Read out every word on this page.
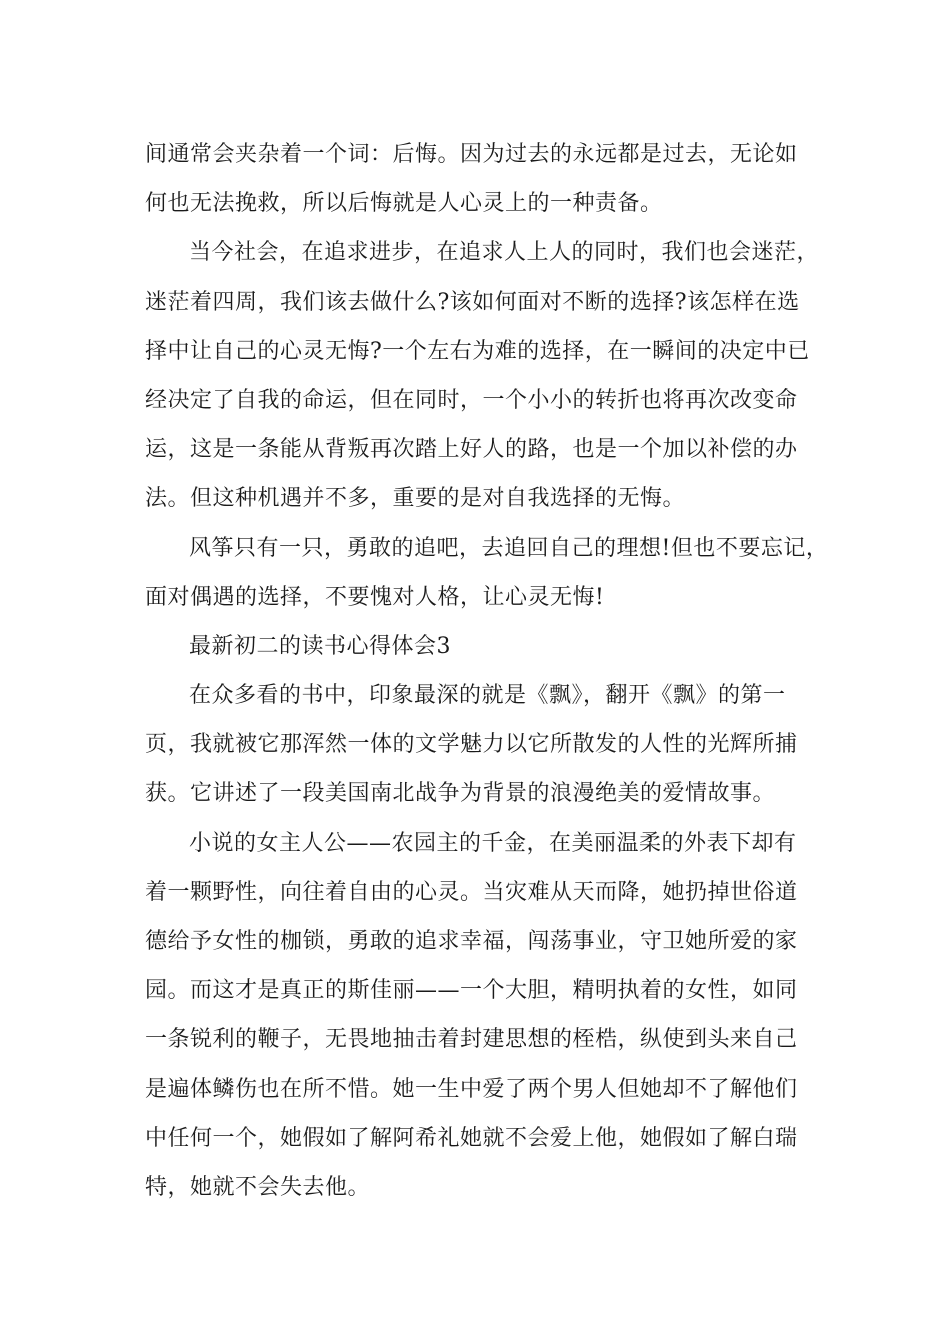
间通常会夹杂着一个词：后悔。因为过去的永远都是过去，无论如
何也无法挽救，所以后悔就是人心灵上的一种责备。
当今社会，在追求进步，在追求人上人的同时，我们也会迷茫，
迷茫着四周，我们该去做什么?该如何面对不断的选择?该怎样在选
择中让自己的心灵无悔?一个左右为难的选择，在一瞬间的决定中已
经决定了自我的命运，但在同时，一个小小的转折也将再次改变命
运，这是一条能从背叛再次踏上好人的路，也是一个加以补偿的办
法。但这种机遇并不多，重要的是对自我选择的无悔。
风筝只有一只，勇敢的追吧，去追回自己的理想!但也不要忘记，
面对偶遇的选择，不要愧对人格，让心灵无悔!
最新初二的读书心得体会3
在众多看的书中，印象最深的就是《飘》，翻开《飘》的第一
页，我就被它那浑然一体的文学魅力以它所散发的人性的光辉所捕
获。它讲述了一段美国南北战争为背景的浪漫绝美的爱情故事。
小说的女主人公——农园主的千金，在美丽温柔的外表下却有
着一颗野性，向往着自由的心灵。当灾难从天而降，她扔掉世俗道
德给予女性的枷锁，勇敢的追求幸福，闯荡事业，守卫她所爱的家
园。而这才是真正的斯佳丽——一个大胆，精明执着的女性，如同
一条锐利的鞭子，无畏地抽击着封建思想的桎梏，纵使到头来自己
是遍体鳞伤也在所不惜。她一生中爱了两个男人但她却不了解他们
中任何一个，她假如了解阿希礼她就不会爱上他，她假如了解白瑞
特，她就不会失去他。
